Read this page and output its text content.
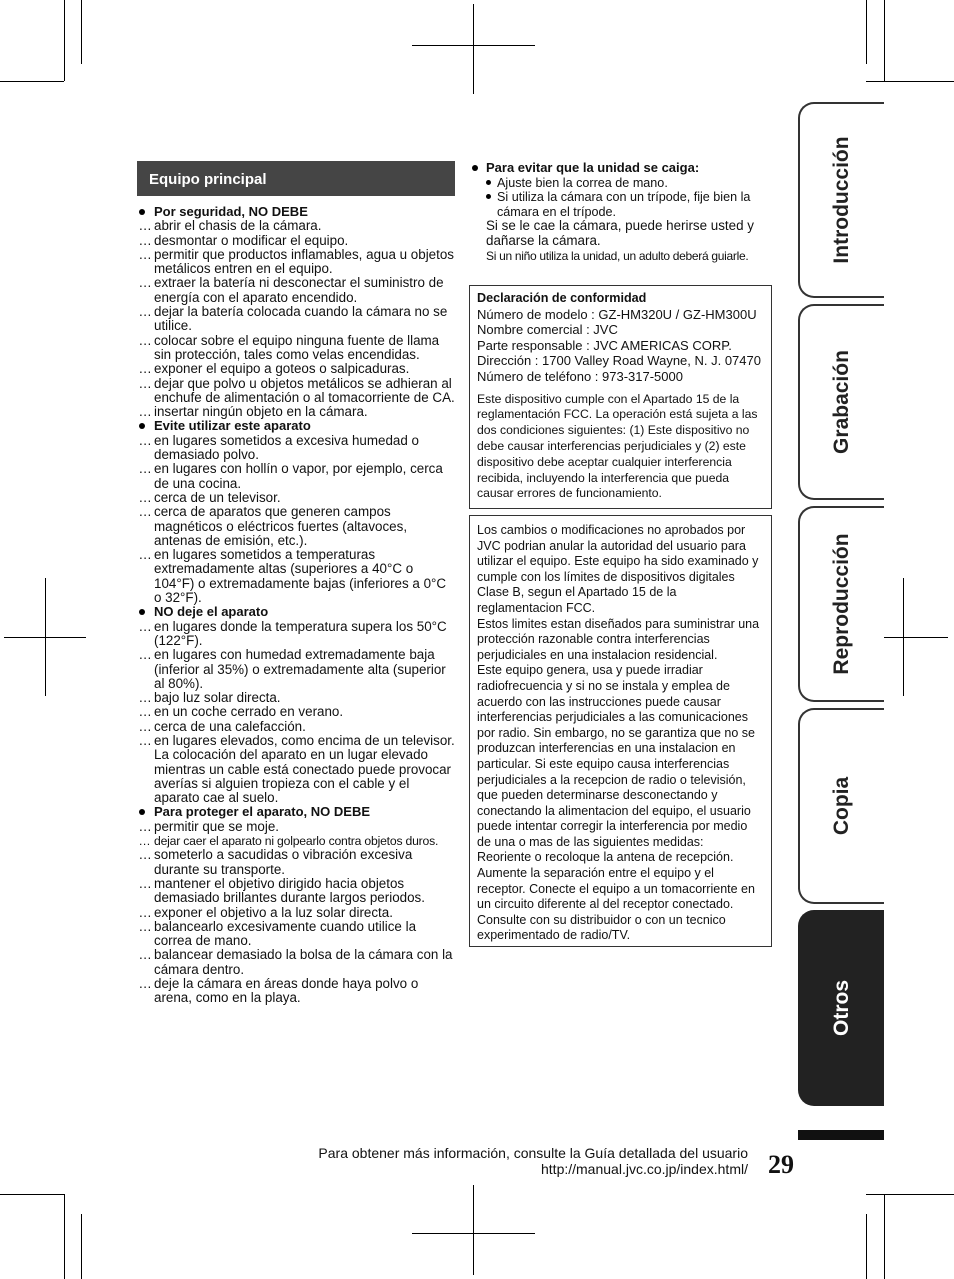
Equipo principal
Por seguridad, NO DEBE
... abrir el chasis de la cámara.
... desmontar o modificar el equipo.
... permitir que productos inflamables, agua u objetos metálicos entren en el equipo.
... extraer la batería ni desconectar el suministro de energía con el aparato encendido.
... dejar la batería colocada cuando la cámara no se utilice.
... colocar sobre el equipo ninguna fuente de llama sin protección, tales como velas encendidas.
... exponer el equipo a goteos o salpicaduras.
... dejar que polvo u objetos metálicos se adhieran al enchufe de alimentación o al tomacorriente de CA.
... insertar ningún objeto en la cámara.
Evite utilizar este aparato
... en lugares sometidos a excesiva humedad o demasiado polvo.
... en lugares con hollín o vapor, por ejemplo, cerca de una cocina.
... cerca de un televisor.
... cerca de aparatos que generen campos magnéticos o eléctricos fuertes (altavoces, antenas de emisión, etc.).
... en lugares sometidos a temperaturas extremadamente altas (superiores a 40°C o 104°F) o extremadamente bajas (inferiores a 0°C o 32°F).
NO deje el aparato
... en lugares donde la temperatura supera los 50°C (122°F).
... en lugares con humedad extremadamente baja (inferior al 35%) o extremadamente alta (superior al 80%).
... bajo luz solar directa.
... en un coche cerrado en verano.
... cerca de una calefacción.
... en lugares elevados, como encima de un televisor. La colocación del aparato en un lugar elevado mientras un cable está conectado puede provocar averías si alguien tropieza con el cable y el aparato cae al suelo.
Para proteger el aparato, NO DEBE
... permitir que se moje.
... dejar caer el aparato ni golpearlo contra objetos duros.
... someterlo a sacudidas o vibración excesiva durante su transporte.
... mantener el objetivo dirigido hacia objetos demasiado brillantes durante largos periodos.
... exponer el objetivo a la luz solar directa.
... balancearlo excesivamente cuando utilice la correa de mano.
... balancear demasiado la bolsa de la cámara con la cámara dentro.
... deje la cámara en áreas donde haya polvo o arena, como en la playa.
Para evitar que la unidad se caiga:
Ajuste bien la correa de mano.
Si utiliza la cámara con un trípode, fije bien la cámara en el trípode.
Si se le cae la cámara, puede herirse usted y dañarse la cámara.
Si un niño utiliza la unidad, un adulto deberá guiarle.
Declaración de conformidad
Número de modelo : GZ-HM320U / GZ-HM300U
Nombre comercial : JVC
Parte responsable : JVC AMERICAS CORP.
Dirección : 1700 Valley Road Wayne, N. J. 07470
Número de teléfono : 973-317-5000
Este dispositivo cumple con el Apartado 15 de la reglamentación FCC. La operación está sujeta a las dos condiciones siguientes: (1) Este dispositivo no debe causar interferencias perjudiciales y (2) este dispositivo debe aceptar cualquier interferencia recibida, incluyendo la interferencia que pueda causar errores de funcionamiento.

Los cambios o modificaciones no aprobados por JVC podrian anular la autoridad del usuario para utilizar el equipo. Este equipo ha sido examinado y cumple con los límites de dispositivos digitales Clase B, segun el Apartado 15 de la reglamentacion FCC.

Estos limites estan diseñados para suministrar una protección razonable contra interferencias perjudiciales en una instalacion residencial.

Este equipo genera, usa y puede irradiar radiofrecuencia y si no se instala y emplea de acuerdo con las instrucciones puede causar interferencias perjudiciales a las comunicaciones por radio. Sin embargo, no se garantiza que no se produzcan interferencias en una instalacion en particular. Si este equipo causa interferencias perjudiciales a la recepcion de radio o televisión, que pueden determinarse desconectando y conectando la alimentacion del equipo, el usuario puede intentar corregir la interferencia por medio de una o mas de las siguientes medidas:

Reoriente o recoloque la antena de recepción.

Aumente la separación entre el equipo y el receptor. Conecte el equipo a un tomacorriente en un circuito diferente al del receptor conectado.

Consulte con su distribuidor o con un tecnico experimentado de radio/TV.

Introducción
Grabación
Reproducción
Copia
Otros
Para obtener más información, consulte la Guía detallada del usuario
http://manual.jvc.co.jp/index.html/ 29
